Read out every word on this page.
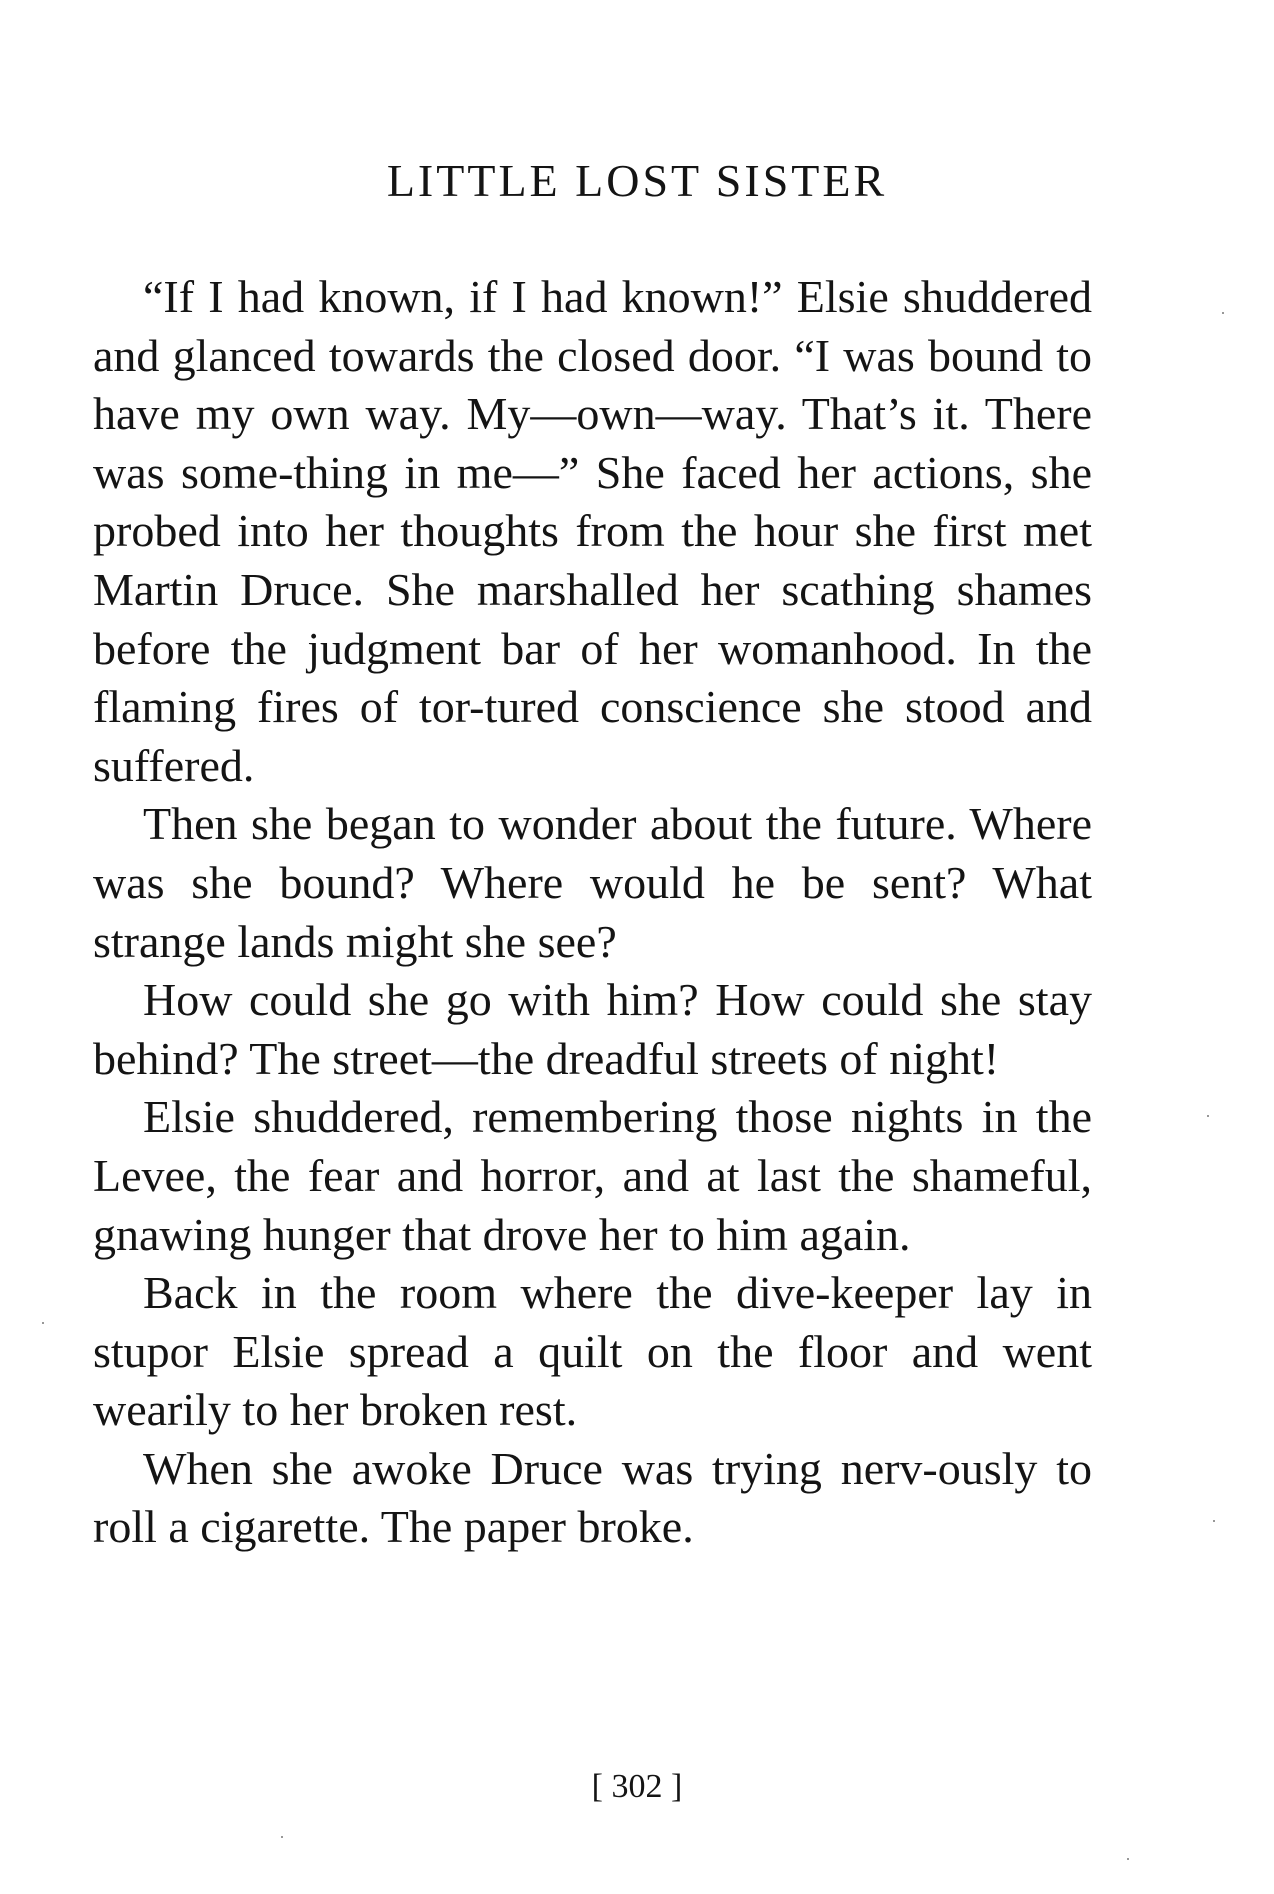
LITTLE LOST SISTER

“If I had known, if I had known!” Elsie shuddered and glanced towards the closed door. “I was bound to have my own way. My—own—way. That’s it. There was some-thing in me—” She faced her actions, she probed into her thoughts from the hour she first met Martin Druce. She marshalled her scathing shames before the judgment bar of her womanhood. In the flaming fires of tor-tured conscience she stood and suffered.

Then she began to wonder about the future. Where was she bound? Where would he be sent? What strange lands might she see?

How could she go with him? How could she stay behind? The street—the dreadful streets of night!

Elsie shuddered, remembering those nights in the Levee, the fear and horror, and at last the shameful, gnawing hunger that drove her to him again.

Back in the room where the dive-keeper lay in stupor Elsie spread a quilt on the floor and went wearily to her broken rest.

When she awoke Druce was trying nerv-ously to roll a cigarette. The paper broke.

[ 302 ]
